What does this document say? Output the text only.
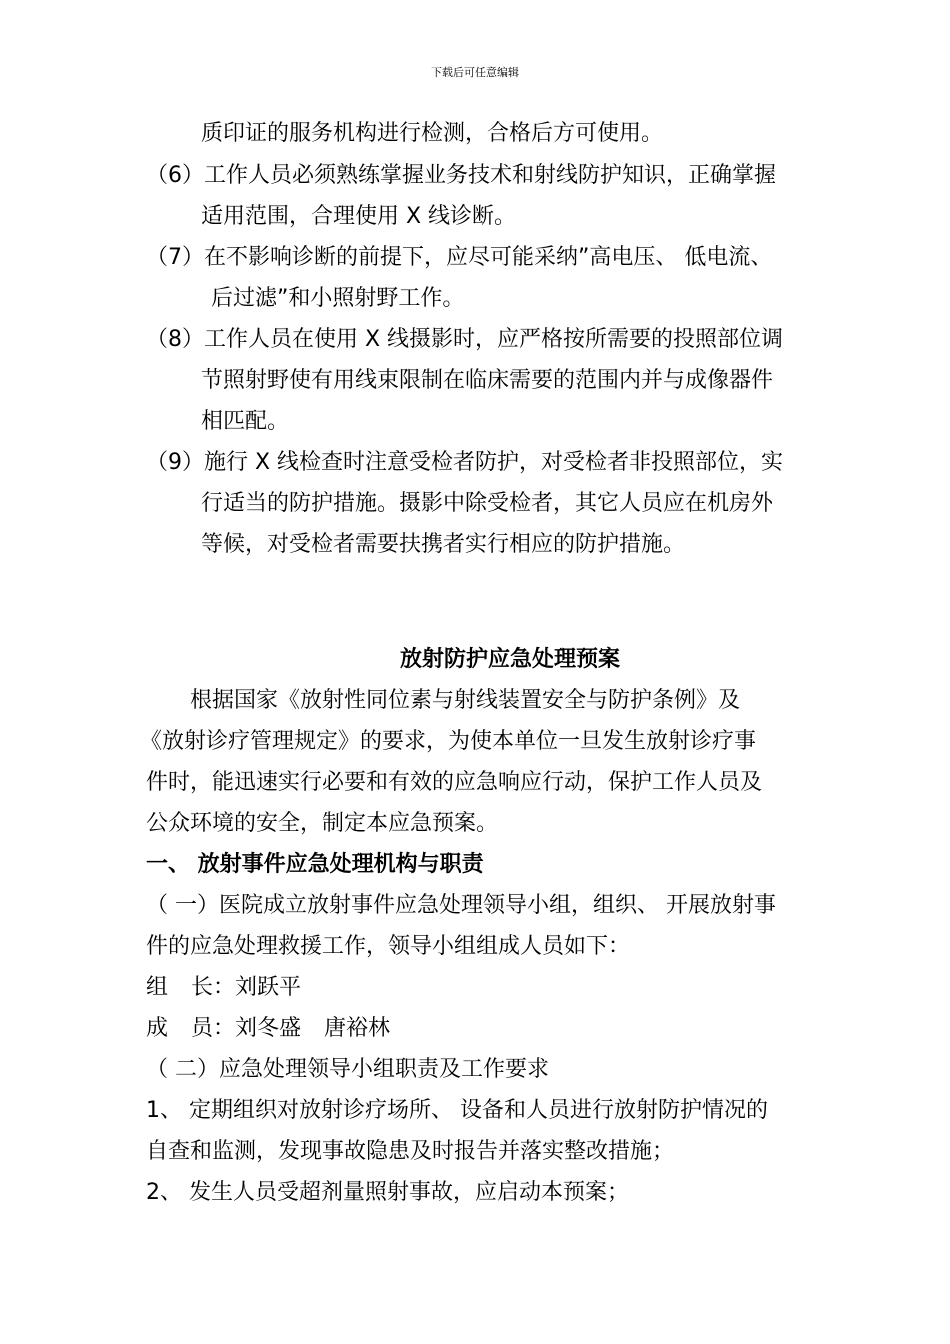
下载后可任意编辑
质印证的服务机构进行检测，合格后方可使用。
（6）工作人员必须熟练掌握业务技术和射线防护知识，正确掌握
适用范围，合理使用 X 线诊断。
（7）在不影响诊断的前提下，应尽可能采纳”高电压、 低电流、
后过滤”和小照射野工作。
（8）工作人员在使用 X 线摄影时，应严格按所需要的投照部位调
节照射野使有用线束限制在临床需要的范围内并与成像器件
相匹配。
（9）施行 X 线检查时注意受检者防护，对受检者非投照部位，实
行适当的防护措施。摄影中除受检者，其它人员应在机房外
等候，对受检者需要扶携者实行相应的防护措施。
放射防护应急处理预案
根据国家《放射性同位素与射线装置安全与防护条例》及
《放射诊疗管理规定》的要求，为使本单位一旦发生放射诊疗事
件时，能迅速实行必要和有效的应急响应行动，保护工作人员及
公众环境的安全，制定本应急预案。
一、 放射事件应急处理机构与职责
（ 一）医院成立放射事件应急处理领导小组，组织、 开展放射事
件的应急处理救援工作，领导小组组成人员如下：
组 长：刘跃平
成 员：刘冬盛 唐裕林
（ 二）应急处理领导小组职责及工作要求
1、 定期组织对放射诊疗场所、 设备和人员进行放射防护情况的
自查和监测，发现事故隐患及时报告并落实整改措施；
2、 发生人员受超剂量照射事故，应启动本预案；
